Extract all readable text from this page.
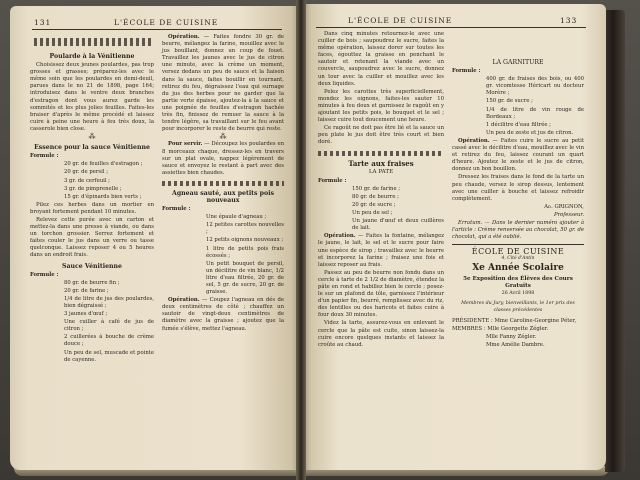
131	L'ÉCOLE DE CUISINE
Poularde à la Vénitienne

Choisissez deux jeunes poulardes, pas trop grosses et grasses; préparez-les avec le même soin que les poulardes en demi-deuil, parues dans le no 21 de 1898, page 164; introduisez dans le ventre deux branches d'estragon dont vous aurez garde les sommités et les plus jolies feuilles. Faites-les braiser d'après le même procédé et laissez cuire à peine une heure à feu très doux, la casserole bien close.

⁂
Essence pour la sauce Vénitienne

Formule :

20 gr. de feuilles d'estragon ;

20 gr. de persil ;

3 gr. de cerfeuil ;

3 gr. de pimprenelle ;

15 gr. d'épinards bien verts ;

Pilez ces herbes dans un mortier en broyant fortement pendant 10 minutes.

Relevez cette purée avec un carton et mettez-la dans une presse à viande, ou dans un torchon grossier. Serrez fortement et faites couler le jus dans un verre ou tasse quelconque. Laissez reposer 4 ou 5 heures dans un endroit frais.

Sauce Vénitienne

Formule :

80 gr. de beurre fin ;

20 gr. de farine ;

1/4 de litre de jus des poulardes, bien dégraissé ;

3 jaunes d'œuf ;

Une cuiller à café de jus de citron ;

2 cuillerées à bouche de crème douce ;

Un peu de sel, muscade et pointe de cayenne.

Opération. — Faites fondre 30 gr. de beurre, mélangez la farine, mouillez avec le jus bouillant, donnez un coup de fouet. Travaillez les jaunes avec le jus de citron une minute, avec la crème un moment, versez dedans un peu de sauce et la liaison dans la sauce, faites bouillir en tournant, retirez du feu, dégraissez l'eau qui surnage du jus des herbes pour ne garder que la partie verte épaisse, ajoutez-la à la sauce et une poignée de feuilles d'estragon hachée très fin, finissez de remuer la sauce à la tendre légère, sa travaillant sur le feu avant pour incorporer le reste de beurre qui reste.

⁂

Pour servir. — Découpez les poulardes en 8 morceaux chaque, dressez-les en travers sur un plat ovale, nappez légèrement de sauce et envoyez le restant à part avec des assiettes bien chaudes.

Agneau sauté, aux petits pois nouveaux

Formule :

Une épaule d'agneau ;

12 petites carottes nouvelles ;

12 petits oignons nouveaux ;

1 litre de petits pois frais écossés ;

Un petit bouquet de persil, un décilitre de vin blanc, 1/2 litre d'eau filtrée, 20 gr. de sel, 5 gr. de sucre, 20 gr. de graisse.

Opération. — Coupez l'agneau en dés de deux centimètres de côté ; chauffez un sautoir de vingt-deux centimètres de diamètre avec la graisse ; ajoutez que la fumée s'élève, mettez l'agneau.

L'ÉCOLE DE CUISINE	133

Dans cinq minutes retournez-le avec une cuiller de bois ; saupoudrez le sucre, faites la même opération, laissez dorer sur toutes les faces, égouttez la graisse en penchant le sautoir et retenant la viande avec un couvercle, saupoudrez avec le sucre, donnez un tour avec la cuiller et mouillez avec les deux liquides.

Pelez les carottes très superficiellement, mondez les oignons, faites-les sauter 10 minutes à feu doux et garnissez le ragoût en y ajoutant les petits pois, le bouquet et le sel ; laissez cuire tout doucement une heure.

Ce ragoût ne doit pas être lié et la sauce un peu plate le jus doit être très court et bien doré.

Tarte aux fraises
LA PATE

Formule :

150 gr. de farine ;

80 gr. de beurre ;

20 gr. de sucre ;

Un peu de sel ;

Un jaune d'œuf et deux cuillères de lait.

Opération. — Faites la fontaine, mélangez le jaune, le lait, le sel et le sucre pour faire une espèce de sirop ; travaillez avec le beurre et incorporez la farine ; fraisez une fois et laissez reposer au frais.

Passez au peu de beurre non fondu dans un cercle à tarte de 2 1/2 de diamètre, étendez la pâte en rond et habillez bien le cercle ; posez-le sur un plafond de tôle, garnissez l'intérieur d'un papier fin, beurré, remplissez avec du riz, des lentilles ou des haricots et faites cuire à four doux 30 minutes.

Videz la tarte, assurez-vous en enlevant le cercle que la pâte est cuite, sinon laissez-la cuire encore quelques instants et laissez la croûte au chaud.

LA GARNITURE

Formule :

400 gr. de fraises des bois, ou 400 gr. vicomtesse Héricart ou docteur Morère ;

150 gr. de sucre ;

1/4 de litre de vin rouge de Bordeaux ;

1 décilitre d'eau filtrée ;

Un peu de zeste et jus de citron.

Opération. — Faites cuire le sucre au petit cassé avec le décilitre d'eau, mouillez avec le vin et retirez du feu, laissez courant un quart d'heure. Ajoutez le zeste et le jus de citron, donnez un bon bouillon.

Dressez les fraises dans le fond de la tarte un peu chaude, versez le sirop dessus, lentement avec une cuiller à bouche et laissez refroidir complètement.

Ad. GRIGNON,

Professeur.

Erratum. — Dans le dernier numéro ajouter à l'article : Crème renversée au chocolat, 50 gr. de chocolat, qui a été oublié.

ÉCOLE DE CUISINE
4, Cité d'Antin
Xe Année Scolaire
5e Exposition des Élèves des Cours Gratuits
26 Avril 1898
Membres du Jury, bienveillants, le 1er prix des classes précédentes

PRÉSIDENTE : Mme Caroline-Georgine Péter,

MEMBRES : Mlle Georgette Zégler.

Mlle Fanny Zégler.

Mme Amélie Dambre.
